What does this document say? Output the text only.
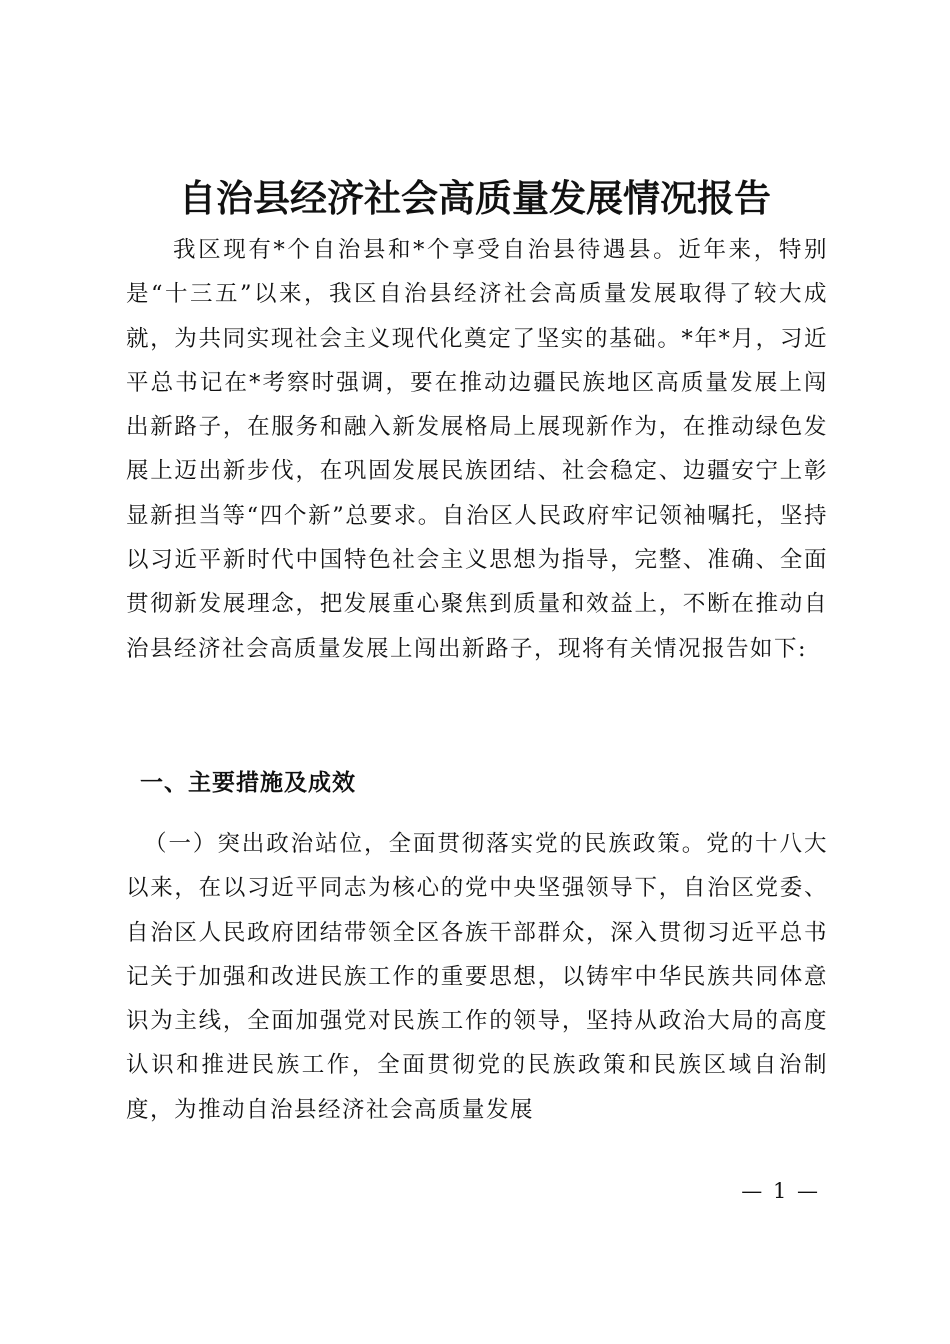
自治县经济社会高质量发展情况报告

我区现有*个自治县和*个享受自治县待遇县。近年来，特别是“十三五”以来，我区自治县经济社会高质量发展取得了较大成就，为共同实现社会主义现代化奠定了坚实的基础。*年*月，习近平总书记在*考察时强调，要在推动边疆民族地区高质量发展上闯出新路子，在服务和融入新发展格局上展现新作为，在推动绿色发展上迈出新步伐，在巩固发展民族团结、社会稳定、边疆安宁上彰显新担当等“四个新”总要求。自治区人民政府牢记领袖嘱托，坚持以习近平新时代中国特色社会主义思想为指导，完整、准确、全面贯彻新发展理念，把发展重心聚焦到质量和效益上，不断在推动自治县经济社会高质量发展上闯出新路子，现将有关情况报告如下:

一、主要措施及成效

（一）突出政治站位，全面贯彻落实党的民族政策。党的十八大以来，在以习近平同志为核心的党中央坚强领导下，自治区党委、自治区人民政府团结带领全区各族干部群众，深入贯彻习近平总书记关于加强和改进民族工作的重要思想，以铸牢中华民族共同体意识为主线，全面加强党对民族工作的领导，坚持从政治大局的高度认识和推进民族工作，全面贯彻党的民族政策和民族区域自治制度，为推动自治县经济社会高质量发展

— 1 —
